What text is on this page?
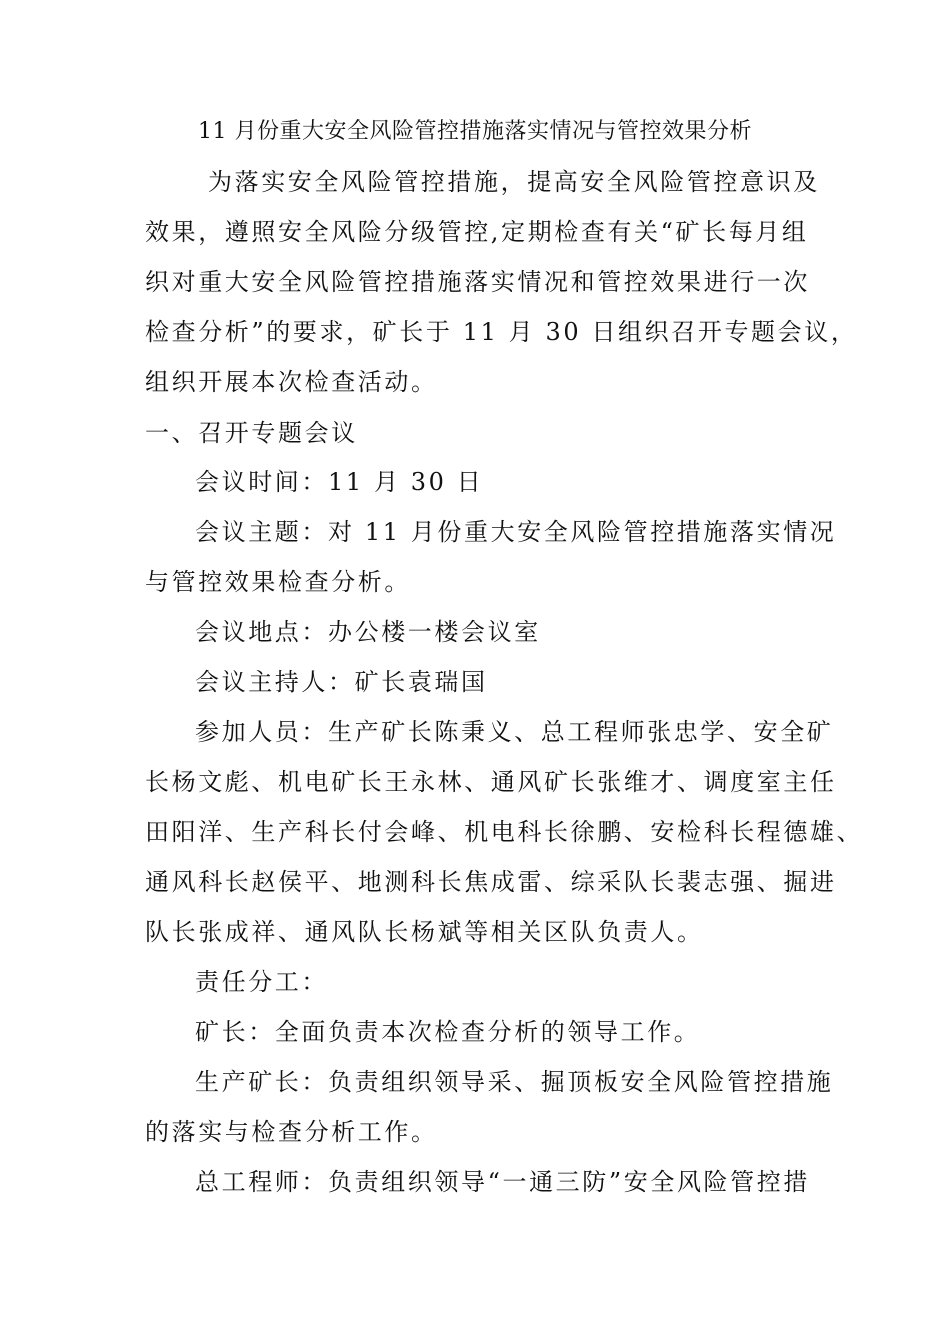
11 月份重大安全风险管控措施落实情况与管控效果分析
为落实安全风险管控措施，提高安全风险管控意识及
效果，遵照安全风险分级管控,定期检查有关“矿长每月组
织对重大安全风险管控措施落实情况和管控效果进行一次
检查分析”的要求，矿长于 11 月 30 日组织召开专题会议，
组织开展本次检查活动。
一、召开专题会议
会议时间：11 月 30 日
会议主题：对 11 月份重大安全风险管控措施落实情况
与管控效果检查分析。
会议地点：办公楼一楼会议室
会议主持人：矿长袁瑞国
参加人员：生产矿长陈秉义、总工程师张忠学、安全矿
长杨文彪、机电矿长王永林、通风矿长张维才、调度室主任
田阳洋、生产科长付会峰、机电科长徐鹏、安检科长程德雄、
通风科长赵侯平、地测科长焦成雷、综采队长裴志强、掘进
队长张成祥、通风队长杨斌等相关区队负责人。
责任分工：
矿长：全面负责本次检查分析的领导工作。
生产矿长：负责组织领导采、掘顶板安全风险管控措施
的落实与检查分析工作。
总工程师：负责组织领导“一通三防”安全风险管控措
